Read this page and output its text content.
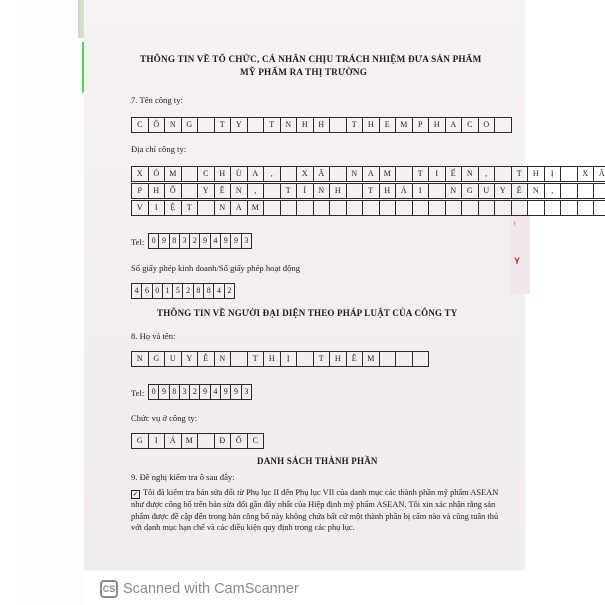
!
Y
THÔNG TIN VỀ TỔ CHỨC, CÁ NHÂN CHỊU TRÁCH NHIỆM ĐƯA SẢN PHẨM
MỸ PHẨM RA THỊ TRƯỜNG
7. Tên công ty:
C	Ô	N	G	T	Y	T	N	H	H	T	H	E	M	P	H	A	C	O
Địa chỉ công ty:
X	Ó	M	C	H	Ù	A	,	X	Ã	N	A	M	T	I	Ế	N	,	T	H	Ị	X	Ã
P	H	Ổ	Y	Ê	N	,	T	Ỉ	N	H	T	H	Á	I	N	G	U	Y	Ê	N	,
V	I	Ệ	T	N	A	M
Tel: 0 9 8 3 2 9 4 9 9 3
Số giấy phép kinh doanh/Số giấy phép hoạt động
4 6 0 1 5 2 8 8 4 2
THÔNG TIN VỀ NGƯỜI ĐẠI DIỆN THEO PHÁP LUẬT CỦA CÔNG TY
8. Họ và tên:
N	G	U	Y	Ễ	N	T	H	Ị	T	H	Ê	M
Tel: 0 9 8 3 2 9 4 9 9 3
Chức vụ ở công ty:
G	I	Á	M	Đ	Ố	C
DANH SÁCH THÀNH PHẦN
9. Đề nghị kiểm tra ô sau đây:
✓ Tôi đã kiểm tra bản sửa đổi từ Phụ lục II đến Phụ lục VII của danh mục các thành phần mỹ phẩm ASEAN như được công bố trên bản sửa đổi gần đây nhất của Hiệp định mỹ phẩm ASEAN. Tôi xin xác nhận rằng sản phẩm được đề cập đến trong bản công bố này không chứa bất cứ một thành phần bị cấm nào và cũng tuân thủ với danh mục hạn chế và các điều kiện quy định trong các phụ lục.
CS Scanned with CamScanner
